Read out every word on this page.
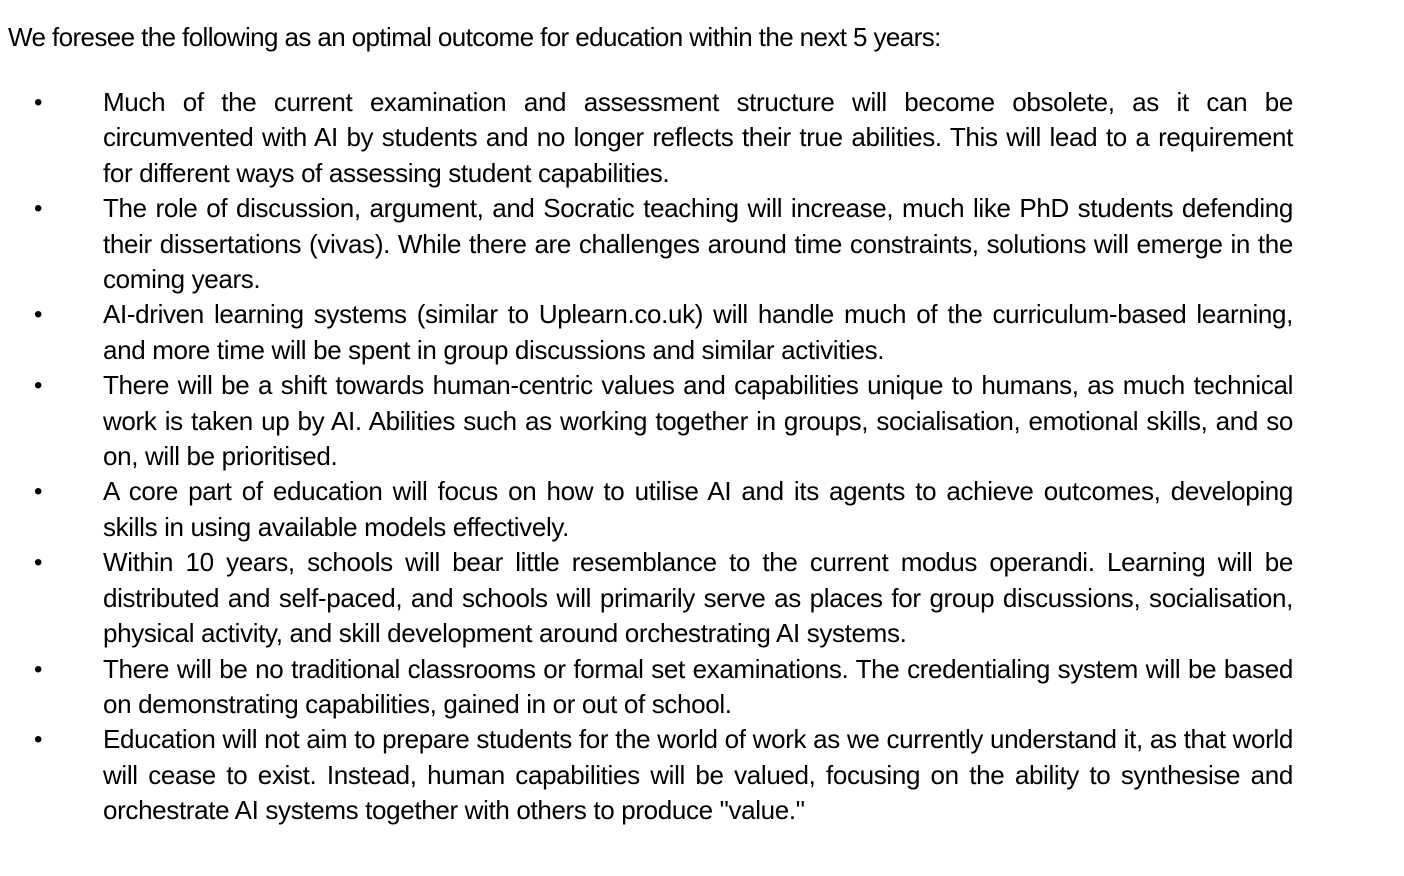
We foresee the following as an optimal outcome for education within the next 5 years:

• Much of the current examination and assessment structure will become obsolete, as it can be circumvented with AI by students and no longer reflects their true abilities. This will lead to a requirement for different ways of assessing student capabilities.
• The role of discussion, argument, and Socratic teaching will increase, much like PhD students defending their dissertations (vivas). While there are challenges around time constraints, solutions will emerge in the coming years.
• AI-driven learning systems (similar to Uplearn.co.uk) will handle much of the curriculum-based learning, and more time will be spent in group discussions and similar activities.
• There will be a shift towards human-centric values and capabilities unique to humans, as much technical work is taken up by AI. Abilities such as working together in groups, socialisation, emotional skills, and so on, will be prioritised.
• A core part of education will focus on how to utilise AI and its agents to achieve outcomes, developing skills in using available models effectively.
• Within 10 years, schools will bear little resemblance to the current modus operandi. Learning will be distributed and self-paced, and schools will primarily serve as places for group discussions, socialisation, physical activity, and skill development around orchestrating AI systems.
• There will be no traditional classrooms or formal set examinations. The credentialing system will be based on demonstrating capabilities, gained in or out of school.
• Education will not aim to prepare students for the world of work as we currently understand it, as that world will cease to exist. Instead, human capabilities will be valued, focusing on the ability to synthesise and orchestrate AI systems together with others to produce "value."
